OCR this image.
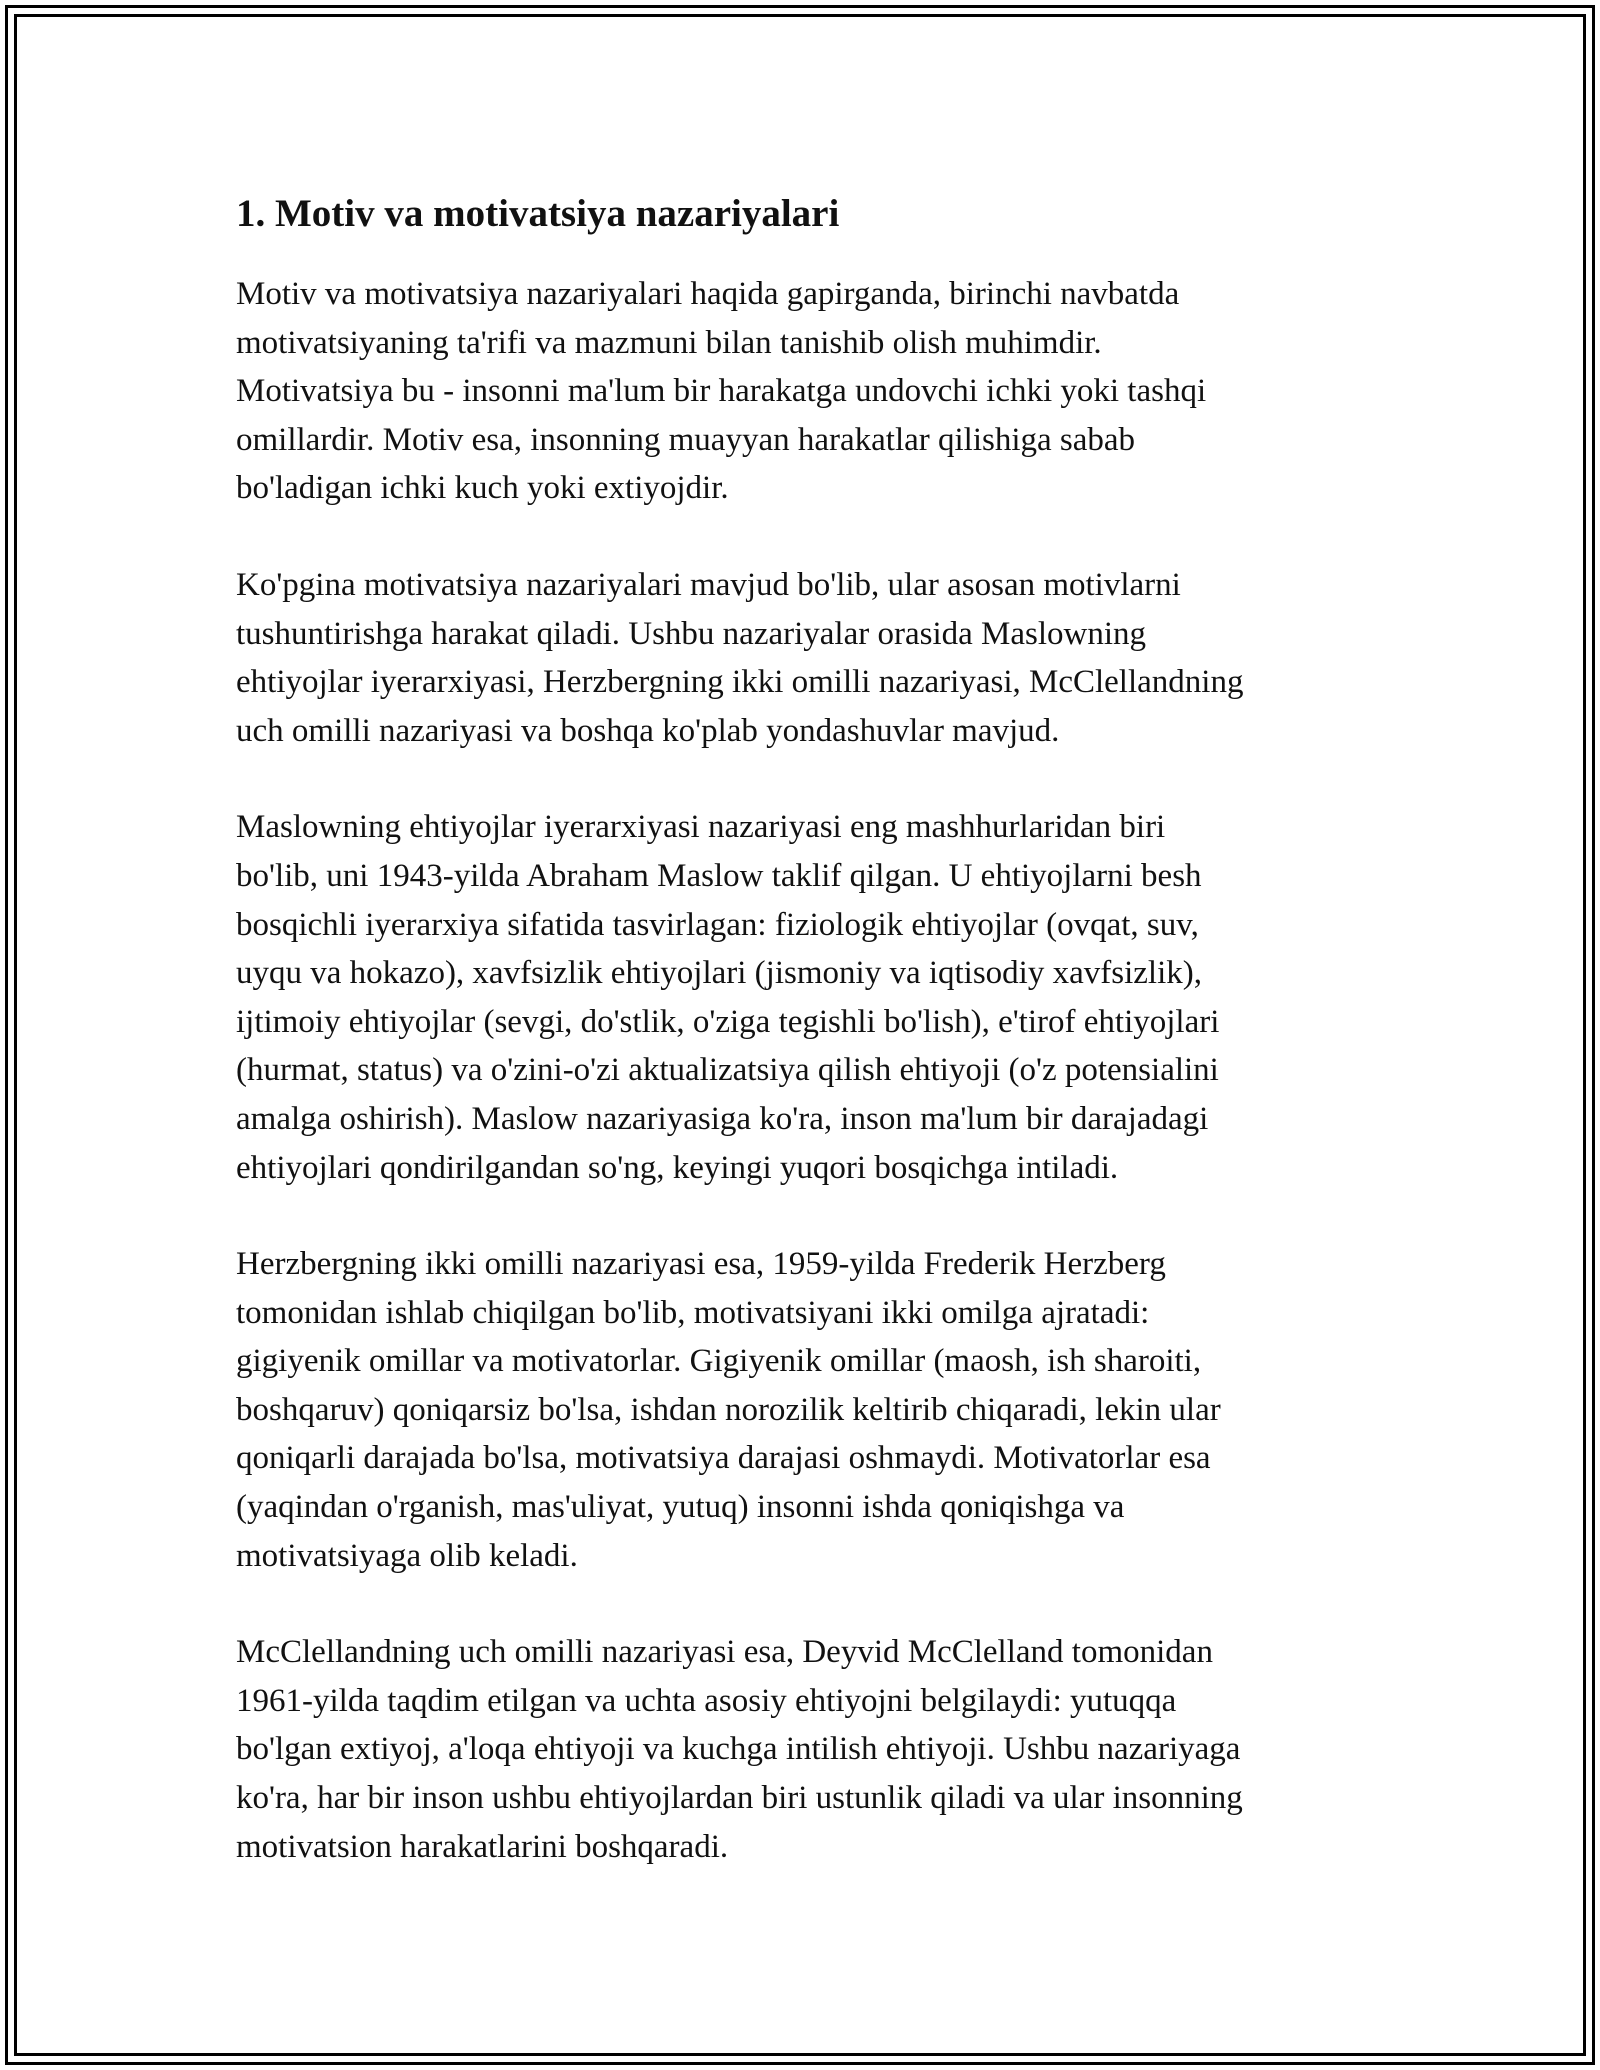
1. Motiv va motivatsiya nazariyalari

Motiv va motivatsiya nazariyalari haqida gapirganda, birinchi navbatda
motivatsiyaning ta'rifi va mazmuni bilan tanishib olish muhimdir.
Motivatsiya bu - insonni ma'lum bir harakatga undovchi ichki yoki tashqi
omillardir. Motiv esa, insonning muayyan harakatlar qilishiga sabab
bo'ladigan ichki kuch yoki extiyojdir.

Ko'pgina motivatsiya nazariyalari mavjud bo'lib, ular asosan motivlarni
tushuntirishga harakat qiladi. Ushbu nazariyalar orasida Maslowning
ehtiyojlar iyerarxiyasi, Herzbergning ikki omilli nazariyasi, McClellandning
uch omilli nazariyasi va boshqa ko'plab yondashuvlar mavjud.

Maslowning ehtiyojlar iyerarxiyasi nazariyasi eng mashhurlaridan biri
bo'lib, uni 1943-yilda Abraham Maslow taklif qilgan. U ehtiyojlarni besh
bosqichli iyerarxiya sifatida tasvirlagan: fiziologik ehtiyojlar (ovqat, suv,
uyqu va hokazo), xavfsizlik ehtiyojlari (jismoniy va iqtisodiy xavfsizlik),
ijtimoiy ehtiyojlar (sevgi, do'stlik, o'ziga tegishli bo'lish), e'tirof ehtiyojlari
(hurmat, status) va o'zini-o'zi aktualizatsiya qilish ehtiyoji (o'z potensialini
amalga oshirish). Maslow nazariyasiga ko'ra, inson ma'lum bir darajadagi
ehtiyojlari qondirilgandan so'ng, keyingi yuqori bosqichga intiladi.

Herzbergning ikki omilli nazariyasi esa, 1959-yilda Frederik Herzberg
tomonidan ishlab chiqilgan bo'lib, motivatsiyani ikki omilga ajratadi:
gigiyenik omillar va motivatorlar. Gigiyenik omillar (maosh, ish sharoiti,
boshqaruv) qoniqarsiz bo'lsa, ishdan norozilik keltirib chiqaradi, lekin ular
qoniqarli darajada bo'lsa, motivatsiya darajasi oshmaydi. Motivatorlar esa
(yaqindan o'rganish, mas'uliyat, yutuq) insonni ishda qoniqishga va
motivatsiyaga olib keladi.

McClellandning uch omilli nazariyasi esa, Deyvid McClelland tomonidan
1961-yilda taqdim etilgan va uchta asosiy ehtiyojni belgilaydi: yutuqqa
bo'lgan extiyoj, a'loqa ehtiyoji va kuchga intilish ehtiyoji. Ushbu nazariyaga
ko'ra, har bir inson ushbu ehtiyojlardan biri ustunlik qiladi va ular insonning
motivatsion harakatlarini boshqaradi.
